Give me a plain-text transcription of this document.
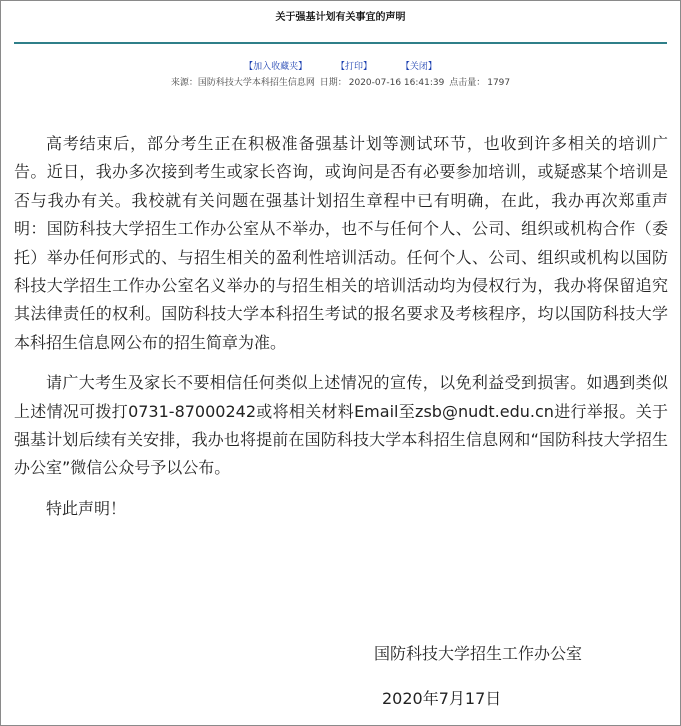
关于强基计划有关事宜的声明
【加入收藏夹】	【打印】	【关闭】
来源：国防科技大学本科招生信息网 日期： 2020-07-16 16:41:39 点击量： 1797

高考结束后，部分考生正在积极准备强基计划等测试环节，也收到许多相关的培训广告。近日，我办多次接到考生或家长咨询，或询问是否有必要参加培训，或疑惑某个培训是否与我办有关。我校就有关问题在强基计划招生章程中已有明确，在此，我办再次郑重声明：国防科技大学招生工作办公室从不举办，也不与任何个人、公司、组织或机构合作（委托）举办任何形式的、与招生相关的盈利性培训活动。任何个人、公司、组织或机构以国防科技大学招生工作办公室名义举办的与招生相关的培训活动均为侵权行为，我办将保留追究其法律责任的权利。国防科技大学本科招生考试的报名要求及考核程序，均以国防科技大学本科招生信息网公布的招生简章为准。

请广大考生及家长不要相信任何类似上述情况的宣传，以免利益受到损害。如遇到类似上述情况可拨打0731-87000242或将相关材料Email至zsb@nudt.edu.cn进行举报。关于强基计划后续有关安排，我办也将提前在国防科技大学本科招生信息网和“国防科技大学招生办公室”微信公众号予以公布。

特此声明！

国防科技大学招生工作办公室
2020年7月17日
